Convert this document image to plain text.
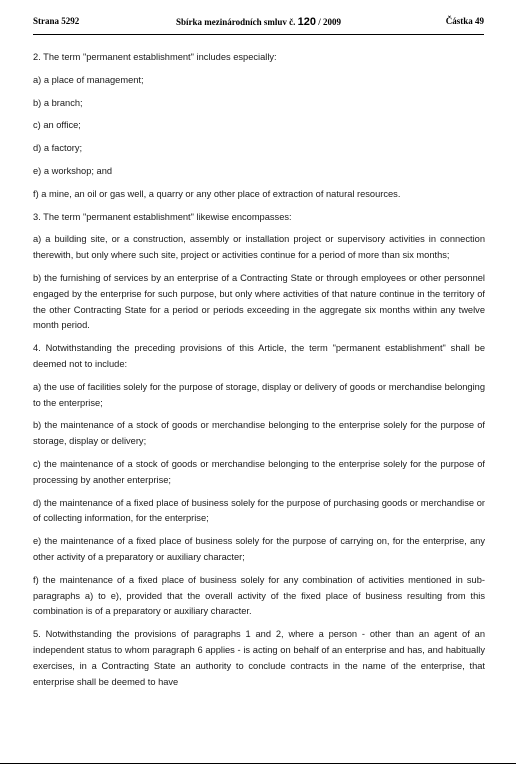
Strana 5292	Sbírka mezinárodních smluv č. 120 / 2009	Částka 49

2. The term "permanent establishment" includes especially:

a) a place of management;

b) a branch;

c) an office;

d) a factory;

e) a workshop; and

f) a mine, an oil or gas well, a quarry or any other place of extraction of natural resources.

3. The term "permanent establishment" likewise encompasses:

a) a building site, or a construction, assembly or installation project or supervisory activities in connection therewith, but only where such site, project or activities continue for a period of more than six months;

b) the furnishing of services by an enterprise of a Contracting State or through employees or other personnel engaged by the enterprise for such purpose, but only where activities of that nature continue in the territory of the other Contracting State for a period or periods exceeding in the aggregate six months within any twelve month period.

4. Notwithstanding the preceding provisions of this Article, the term "permanent establishment" shall be deemed not to include:

a) the use of facilities solely for the purpose of storage, display or delivery of goods or merchandise belonging to the enterprise;

b) the maintenance of a stock of goods or merchandise belonging to the enterprise solely for the purpose of storage, display or delivery;

c) the maintenance of a stock of goods or merchandise belonging to the enterprise solely for the purpose of processing by another enterprise;

d) the maintenance of a fixed place of business solely for the purpose of purchasing goods or merchandise or of collecting information, for the enterprise;

e) the maintenance of a fixed place of business solely for the purpose of carrying on, for the enterprise, any other activity of a preparatory or auxiliary character;

f) the maintenance of a fixed place of business solely for any combination of activities mentioned in sub-paragraphs a) to e), provided that the overall activity of the fixed place of business resulting from this combination is of a preparatory or auxiliary character.

5. Notwithstanding the provisions of paragraphs 1 and 2, where a person - other than an agent of an independent status to whom paragraph 6 applies - is acting on behalf of an enterprise and has, and habitually exercises, in a Contracting State an authority to conclude contracts in the name of the enterprise, that enterprise shall be deemed to have
